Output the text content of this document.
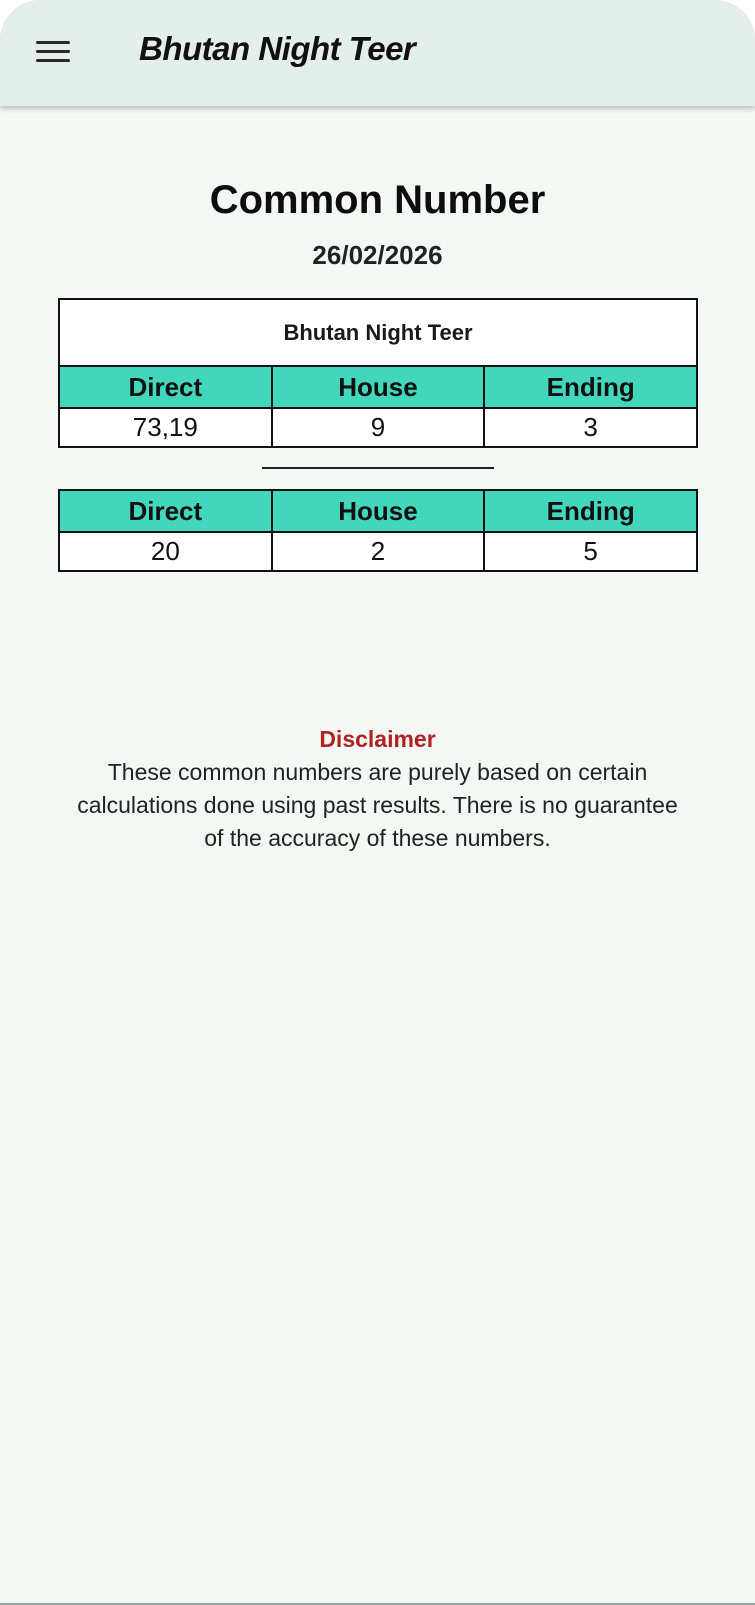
Bhutan Night Teer
Common Number
26/02/2026
Bhutan Night Teer		
Direct	House	Ending
73,19	9	3
Direct	House	Ending
20	2	5
Disclaimer
These common numbers are purely based on certain calculations done using past results. There is no guarantee of the accuracy of these numbers.
